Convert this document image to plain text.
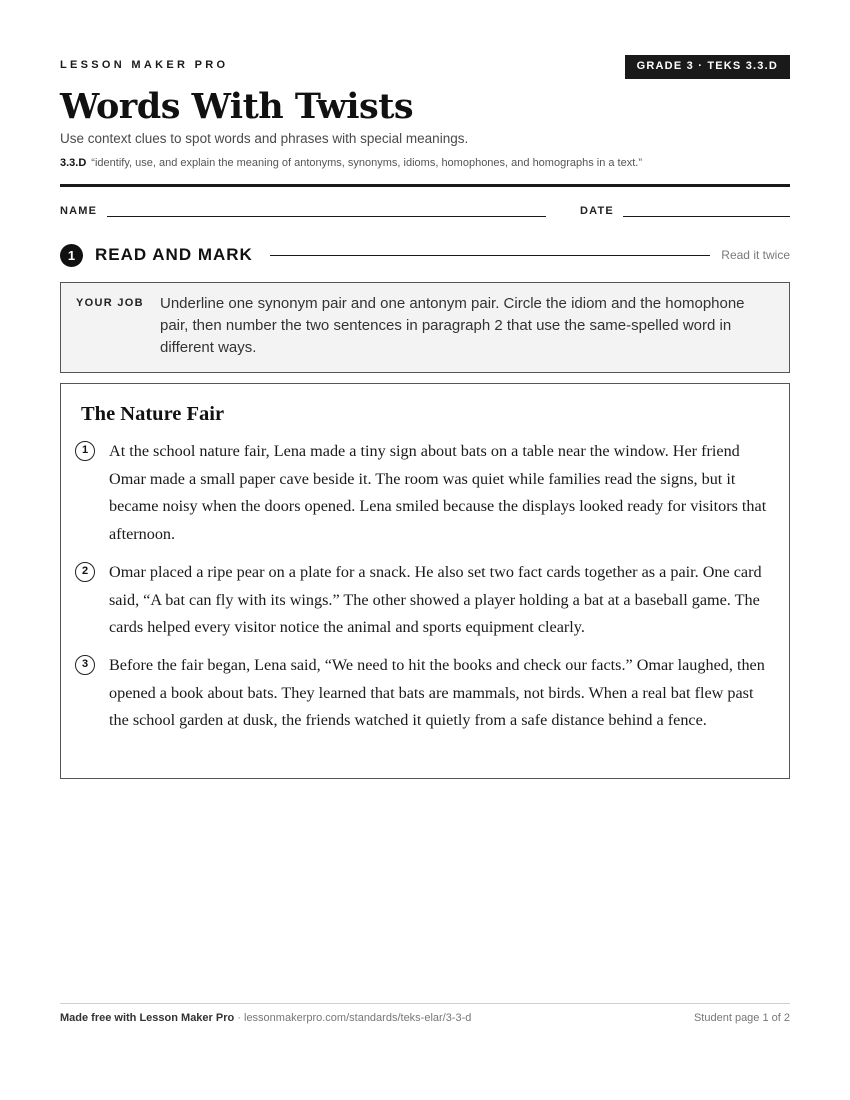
LESSON MAKER PRO	GRADE 3 · TEKS 3.3.D
Words With Twists
Use context clues to spot words and phrases with special meanings.
3.3.D “identify, use, and explain the meaning of antonyms, synonyms, idioms, homophones, and homographs in a text.”
NAME	DATE
1	READ AND MARK	Read it twice
YOUR JOB Underline one synonym pair and one antonym pair. Circle the idiom and the homophone pair, then number the two sentences in paragraph 2 that use the same-spelled word in different ways.
The Nature Fair
1	At the school nature fair, Lena made a tiny sign about bats on a table near the window. Her friend Omar made a small paper cave beside it. The room was quiet while families read the signs, but it became noisy when the doors opened. Lena smiled because the displays looked ready for visitors that afternoon.
2	Omar placed a ripe pear on a plate for a snack. He also set two fact cards together as a pair. One card said, “A bat can fly with its wings.” The other showed a player holding a bat at a baseball game. The cards helped every visitor notice the animal and sports equipment clearly.
3	Before the fair began, Lena said, “We need to hit the books and check our facts.” Omar laughed, then opened a book about bats. They learned that bats are mammals, not birds. When a real bat flew past the school garden at dusk, the friends watched it quietly from a safe distance behind a fence.
Made free with Lesson Maker Pro · lessonmakerpro.com/standards/teks-elar/3-3-d	Student page 1 of 2
